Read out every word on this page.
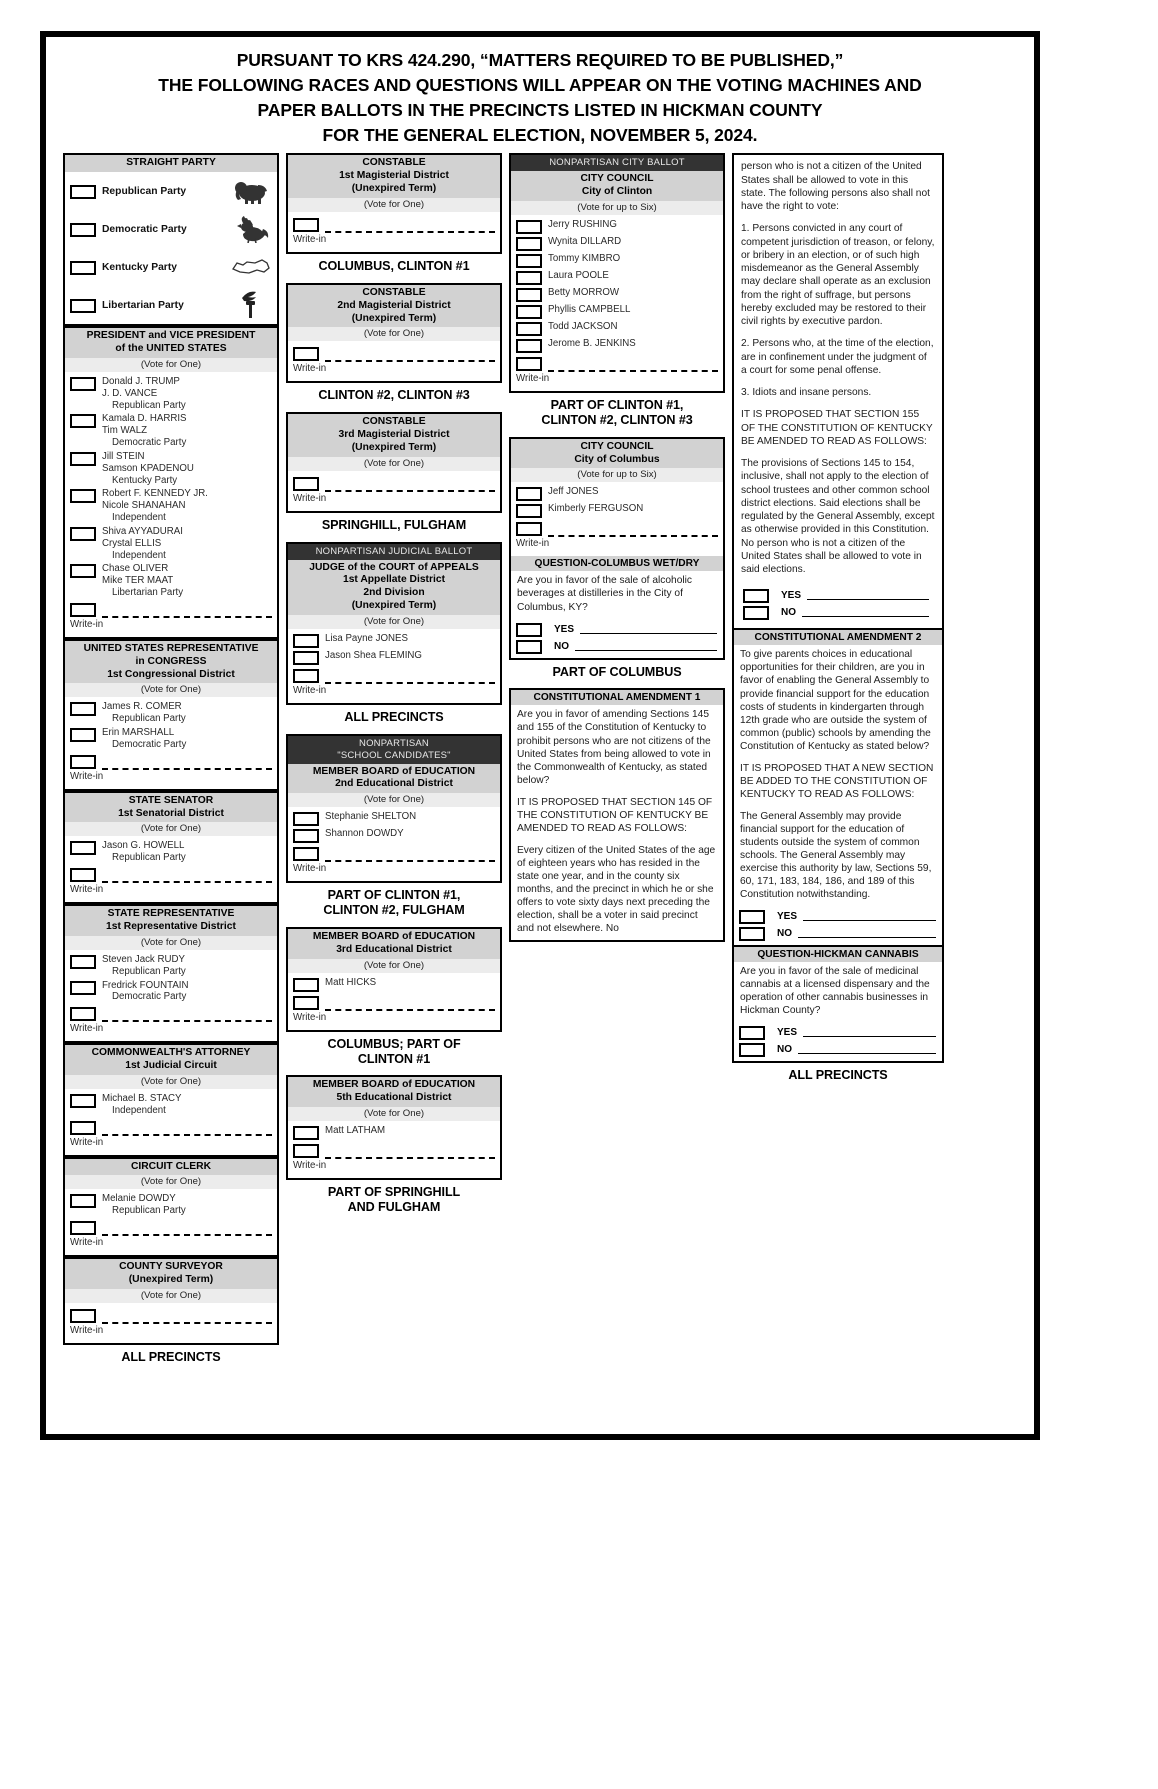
PURSUANT TO KRS 424.290, “MATTERS REQUIRED TO BE PUBLISHED,”
THE FOLLOWING RACES AND QUESTIONS WILL APPEAR ON THE VOTING MACHINES AND
PAPER BALLOTS IN THE PRECINCTS LISTED IN HICKMAN COUNTY
FOR THE GENERAL ELECTION, NOVEMBER 5, 2024.
STRAIGHT PARTY
Republican Party
Democratic Party
Kentucky Party
Libertarian Party
PRESIDENT and VICE PRESIDENT
of the UNITED STATES
(Vote for One)
Donald J. TRUMP
J. D. VANCE
Republican Party
Kamala D. HARRIS
Tim WALZ
Democratic Party
Jill STEIN
Samson KPADENOU
Kentucky Party
Robert F. KENNEDY JR.
Nicole SHANAHAN
Independent
Shiva AYYADURAI
Crystal ELLIS
Independent
Chase OLIVER
Mike TER MAAT
Libertarian Party
Write-in
UNITED STATES REPRESENTATIVE
in CONGRESS
1st Congressional District
(Vote for One)
James R. COMER
Republican Party
Erin MARSHALL
Democratic Party
Write-in
STATE SENATOR
1st Senatorial District
(Vote for One)
Jason G. HOWELL
Republican Party
Write-in
STATE REPRESENTATIVE
1st Representative District
(Vote for One)
Steven Jack RUDY
Republican Party
Fredrick FOUNTAIN
Democratic Party
Write-in
COMMONWEALTH'S ATTORNEY
1st Judicial Circuit
(Vote for One)
Michael B. STACY
Independent
Write-in
CIRCUIT CLERK
(Vote for One)
Melanie DOWDY
Republican Party
Write-in
COUNTY SURVEYOR
(Unexpired Term)
(Vote for One)
Write-in
ALL PRECINCTS
CONSTABLE
1st Magisterial District
(Unexpired Term)
(Vote for One)
Write-in
COLUMBUS, CLINTON #1
CONSTABLE
2nd Magisterial District
(Unexpired Term)
(Vote for One)
Write-in
CLINTON #2, CLINTON #3
CONSTABLE
3rd Magisterial District
(Unexpired Term)
(Vote for One)
Write-in
SPRINGHILL, FULGHAM
NONPARTISAN JUDICIAL BALLOT
JUDGE of the COURT of APPEALS
1st Appellate District
2nd Division
(Unexpired Term)
(Vote for One)
Lisa Payne JONES
Jason Shea FLEMING
Write-in
ALL PRECINCTS
NONPARTISAN
"SCHOOL CANDIDATES"
MEMBER BOARD of EDUCATION
2nd Educational District
(Vote for One)
Stephanie SHELTON
Shannon DOWDY
Write-in
PART OF CLINTON #1,
CLINTON #2, FULGHAM
MEMBER BOARD of EDUCATION
3rd Educational District
(Vote for One)
Matt HICKS
Write-in
COLUMBUS; PART OF
CLINTON #1
MEMBER BOARD of EDUCATION
5th Educational District
(Vote for One)
Matt LATHAM
Write-in
PART OF SPRINGHILL
AND FULGHAM
NONPARTISAN CITY BALLOT
CITY COUNCIL
City of Clinton
(Vote for up to Six)
Jerry RUSHING
Wynita DILLARD
Tommy KIMBRO
Laura POOLE
Betty MORROW
Phyllis CAMPBELL
Todd JACKSON
Jerome B. JENKINS
Write-in
PART OF CLINTON #1,
CLINTON #2, CLINTON #3
CITY COUNCIL
City of Columbus
(Vote for up to Six)
Jeff JONES
Kimberly FERGUSON
Write-in
QUESTION-COLUMBUS WET/DRY

Are you in favor of the sale of alcoholic beverages at distilleries in the City of Columbus, KY?

YES
NO
PART OF COLUMBUS
CONSTITUTIONAL AMENDMENT 1

Are you in favor of amending Sections 145 and 155 of the Constitution of Kentucky to prohibit persons who are not citizens of the United States from being allowed to vote in the Commonwealth of Kentucky, as stated below?

IT IS PROPOSED THAT SECTION 145 OF THE CONSTITUTION OF KENTUCKY BE AMENDED TO READ AS FOLLOWS:

Every citizen of the United States of the age of eighteen years who has resided in the state one year, and in the county six months, and the precinct in which he or she offers to vote sixty days next preceding the election, shall be a voter in said precinct and not elsewhere. No

person who is not a citizen of the United States shall be allowed to vote in this state. The following persons also shall not have the right to vote:

1. Persons convicted in any court of competent jurisdiction of treason, or felony, or bribery in an election, or of such high misdemeanor as the General Assembly may declare shall operate as an exclusion from the right of suffrage, but persons hereby excluded may be restored to their civil rights by executive pardon.

2. Persons who, at the time of the election, are in confinement under the judgment of a court for some penal offense.

3. Idiots and insane persons.

IT IS PROPOSED THAT SECTION 155 OF THE CONSTITUTION OF KENTUCKY BE AMENDED TO READ AS FOLLOWS:

The provisions of Sections 145 to 154, inclusive, shall not apply to the election of school trustees and other common school district elections. Said elections shall be regulated by the General Assembly, except as otherwise provided in this Constitution. No person who is not a citizen of the United States shall be allowed to vote in said elections.

YES
NO
CONSTITUTIONAL AMENDMENT 2

To give parents choices in educational opportunities for their children, are you in favor of enabling the General Assembly to provide financial support for the education costs of students in kindergarten through 12th grade who are outside the system of common (public) schools by amending the Constitution of Kentucky as stated below?

IT IS PROPOSED THAT A NEW SECTION BE ADDED TO THE CONSTITUTION OF KENTUCKY TO READ AS FOLLOWS:

The General Assembly may provide financial support for the education of students outside the system of common schools. The General Assembly may exercise this authority by law, Sections 59, 60, 171, 183, 184, 186, and 189 of this Constitution notwithstanding.

YES
NO
QUESTION-HICKMAN CANNABIS

Are you in favor of the sale of medicinal cannabis at a licensed dispensary and the operation of other cannabis businesses in Hickman County?

YES
NO
ALL PRECINCTS
